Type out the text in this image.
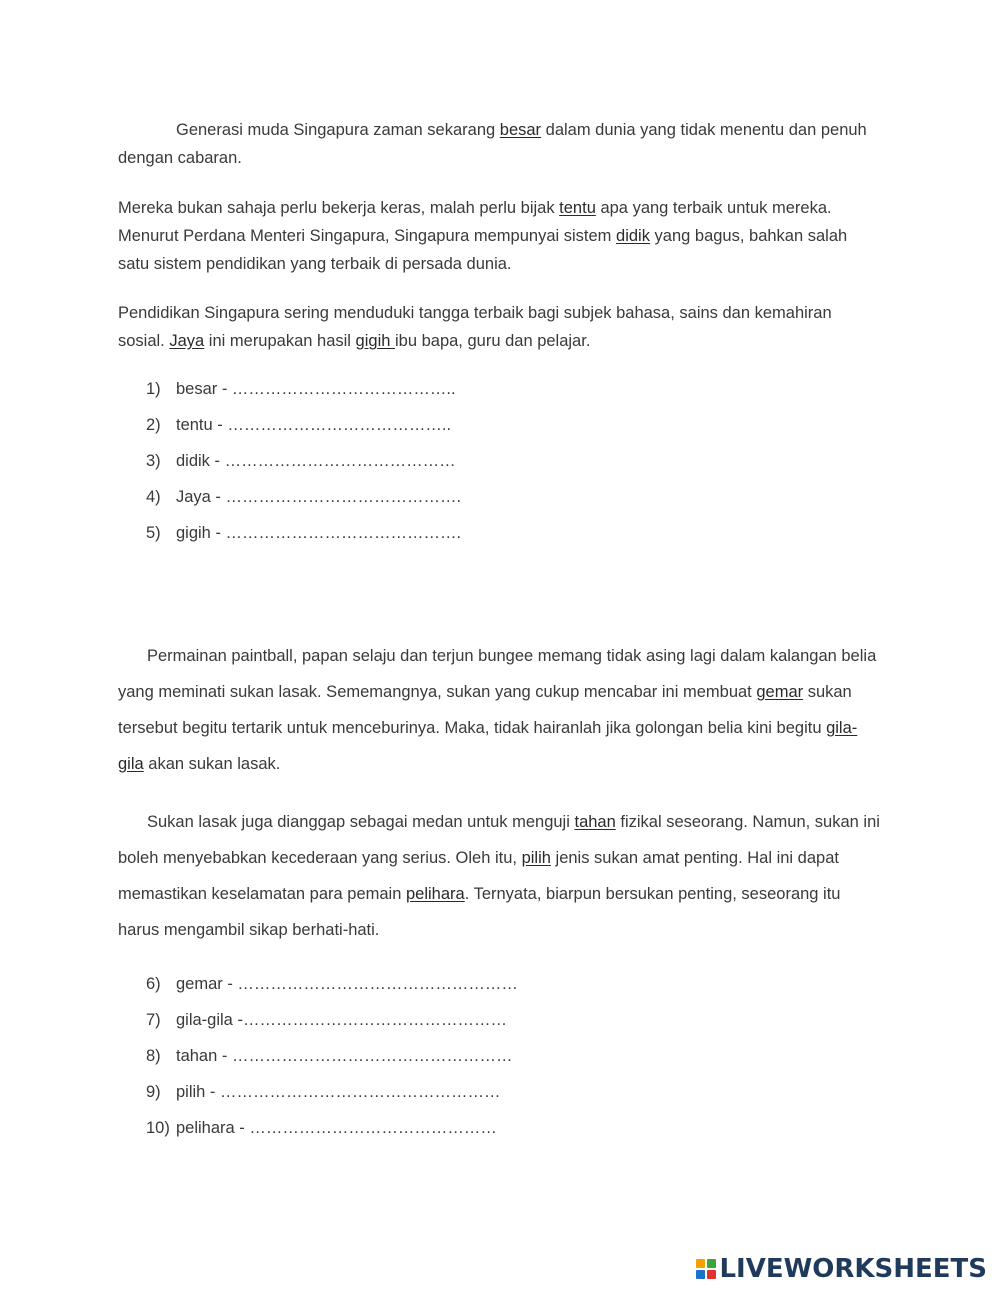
Generasi muda Singapura zaman sekarang besar dalam dunia yang tidak menentu dan penuh dengan cabaran.

Mereka bukan sahaja perlu bekerja keras, malah perlu bijak tentu apa yang terbaik untuk mereka. Menurut Perdana Menteri Singapura, Singapura mempunyai sistem didik yang bagus, bahkan salah satu sistem pendidikan yang terbaik di persada dunia.

Pendidikan Singapura sering menduduki tangga terbaik bagi subjek bahasa, sains dan kemahiran sosial. Jaya ini merupakan hasil gigih ibu bapa, guru dan pelajar.

1) besar - …………………………………..
2) tentu - …………………………………..
3) didik - ……………………………………
4) Jaya - …………………………………….
5) gigih - …………………………………….

Permainan paintball, papan selaju dan terjun bungee memang tidak asing lagi dalam kalangan belia yang meminati sukan lasak. Sememangnya, sukan yang cukup mencabar ini membuat gemar sukan tersebut begitu tertarik untuk menceburinya. Maka, tidak hairanlah jika golongan belia kini begitu gila-gila akan sukan lasak.

Sukan lasak juga dianggap sebagai medan untuk menguji tahan fizikal seseorang. Namun, sukan ini boleh menyebabkan kecederaan yang serius. Oleh itu, pilih jenis sukan amat penting. Hal ini dapat memastikan keselamatan para pemain pelihara. Ternyata, biarpun bersukan penting, seseorang itu harus mengambil sikap berhati-hati.

6) gemar - ……………………………………………
7) gila-gila -…………………………………………
8) tahan - ……………………………………………
9) pilih - ……………………………………………
10) pelihara - ………………………………………
LIVEWORKSHEETS
